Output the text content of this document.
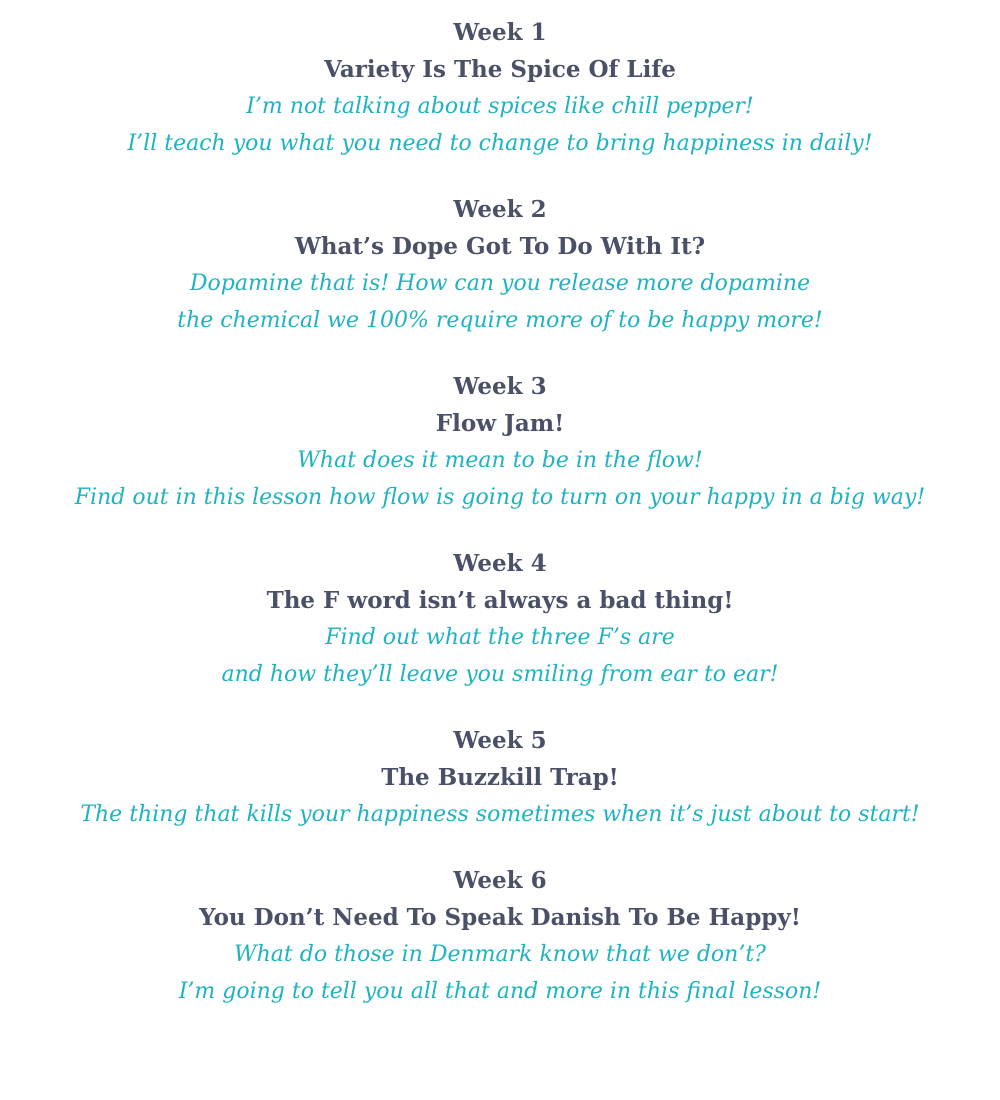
Week 1
Variety Is The Spice Of Life
I’m not talking about spices like chill pepper!
I’ll teach you what you need to change to bring happiness in daily!
Week 2
What’s Dope Got To Do With It?
Dopamine that is! How can you release more dopamine
the chemical we 100% require more of to be happy more!
Week 3
Flow Jam!
What does it mean to be in the flow!
Find out in this lesson how flow is going to turn on your happy in a big way!
Week 4
The F word isn’t always a bad thing!
Find out what the three F’s are
and how they’ll leave you smiling from ear to ear!
Week 5
The Buzzkill Trap!
The thing that kills your happiness sometimes when it’s just about to start!
Week 6
You Don’t Need To Speak Danish To Be Happy!
What do those in Denmark know that we don’t?
I’m going to tell you all that and more in this final lesson!
